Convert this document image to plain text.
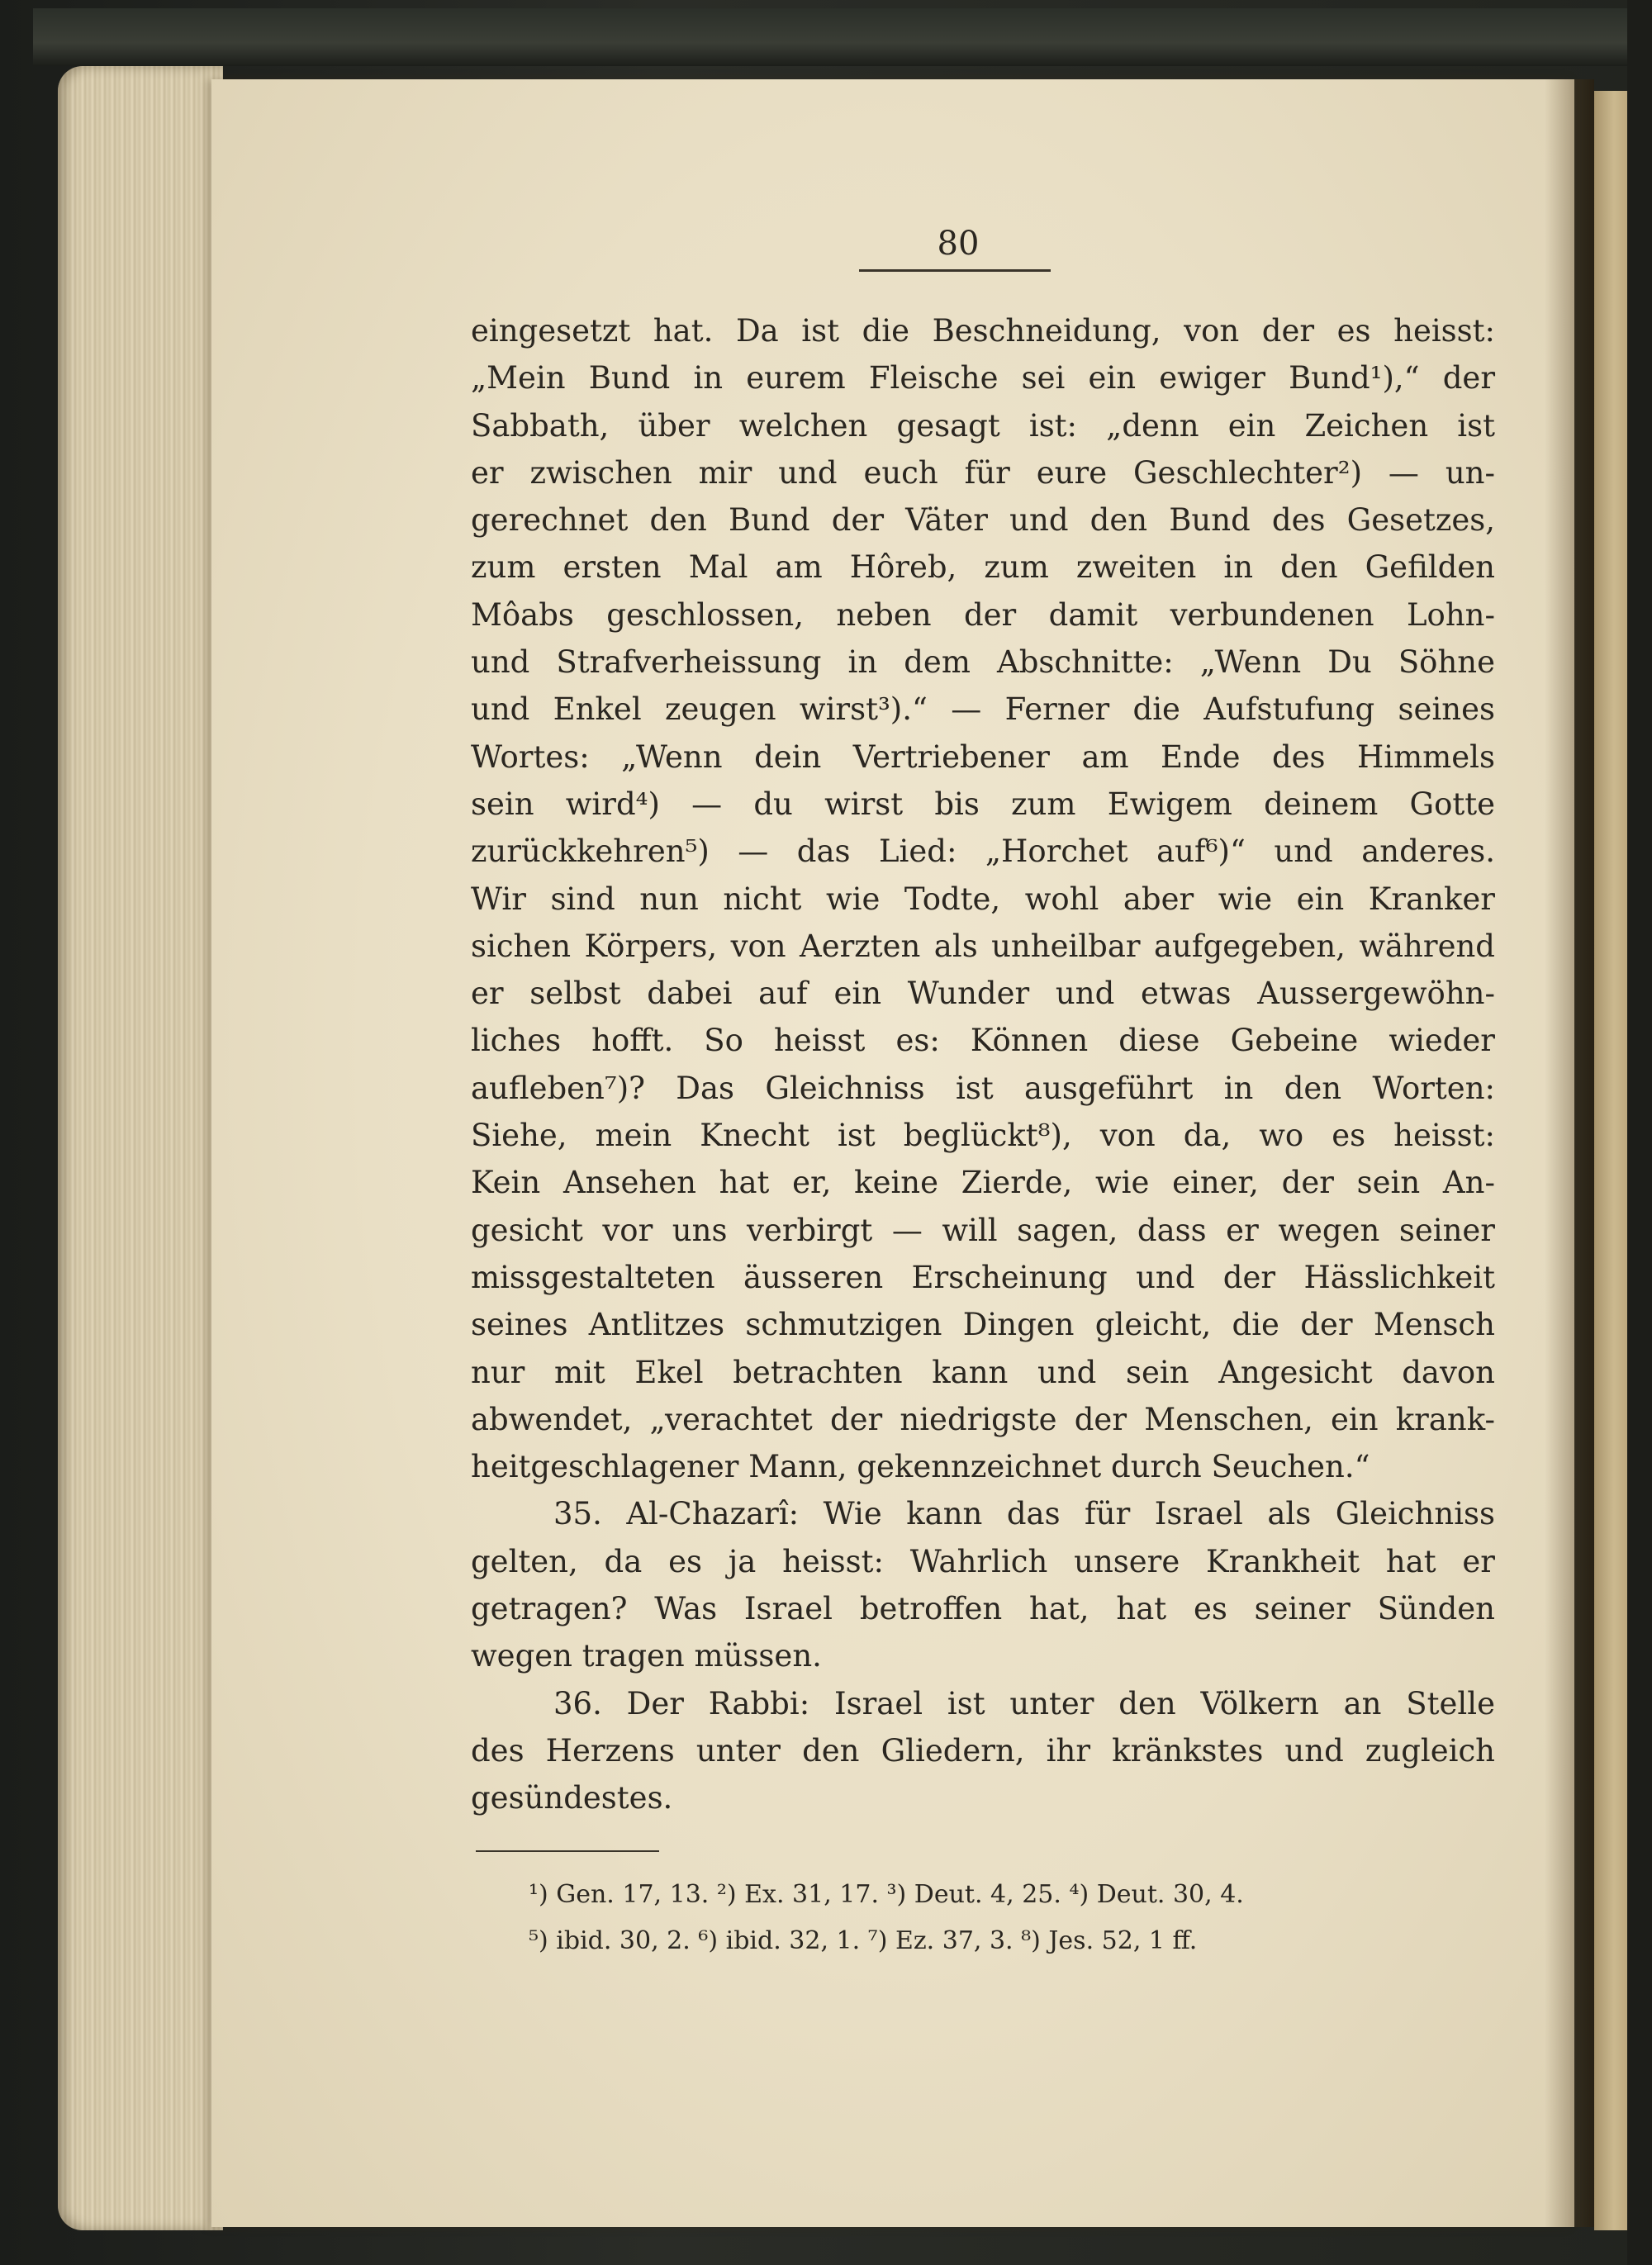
80
eingesetzt hat. Da ist die Beschneidung, von der es heisst:
„Mein Bund in eurem Fleische sei ein ewiger Bund¹),“ der
Sabbath, über welchen gesagt ist: „denn ein Zeichen ist
er zwischen mir und euch für eure Geschlechter²) — un-
gerechnet den Bund der Väter und den Bund des Gesetzes,
zum ersten Mal am Hôreb, zum zweiten in den Gefilden
Môabs geschlossen, neben der damit verbundenen Lohn-
und Strafverheissung in dem Abschnitte: „Wenn Du Söhne
und Enkel zeugen wirst³).“ — Ferner die Aufstufung seines
Wortes: „Wenn dein Vertriebener am Ende des Himmels
sein wird⁴) — du wirst bis zum Ewigem deinem Gotte
zurückkehren⁵) — das Lied: „Horchet auf⁶)“ und anderes.
Wir sind nun nicht wie Todte, wohl aber wie ein Kranker
sichen Körpers, von Aerzten als unheilbar aufgegeben, während
er selbst dabei auf ein Wunder und etwas Aussergewöhn-
liches hofft. So heisst es: Können diese Gebeine wieder
aufleben⁷)? Das Gleichniss ist ausgeführt in den Worten:
Siehe, mein Knecht ist beglückt⁸), von da, wo es heisst:
Kein Ansehen hat er, keine Zierde, wie einer, der sein An-
gesicht vor uns verbirgt — will sagen, dass er wegen seiner
missgestalteten äusseren Erscheinung und der Hässlichkeit
seines Antlitzes schmutzigen Dingen gleicht, die der Mensch
nur mit Ekel betrachten kann und sein Angesicht davon
abwendet, „verachtet der niedrigste der Menschen, ein krank-
heitgeschlagener Mann, gekennzeichnet durch Seuchen.“
35. Al-Chazarî: Wie kann das für Israel als Gleichniss
gelten, da es ja heisst: Wahrlich unsere Krankheit hat er
getragen? Was Israel betroffen hat, hat es seiner Sünden
wegen tragen müssen.
36. Der Rabbi: Israel ist unter den Völkern an Stelle
des Herzens unter den Gliedern, ihr kränkstes und zugleich
gesündestes.
¹) Gen. 17, 13. ²) Ex. 31, 17. ³) Deut. 4, 25. ⁴) Deut. 30, 4.
⁵) ibid. 30, 2. ⁶) ibid. 32, 1. ⁷) Ez. 37, 3. ⁸) Jes. 52, 1 ff.
